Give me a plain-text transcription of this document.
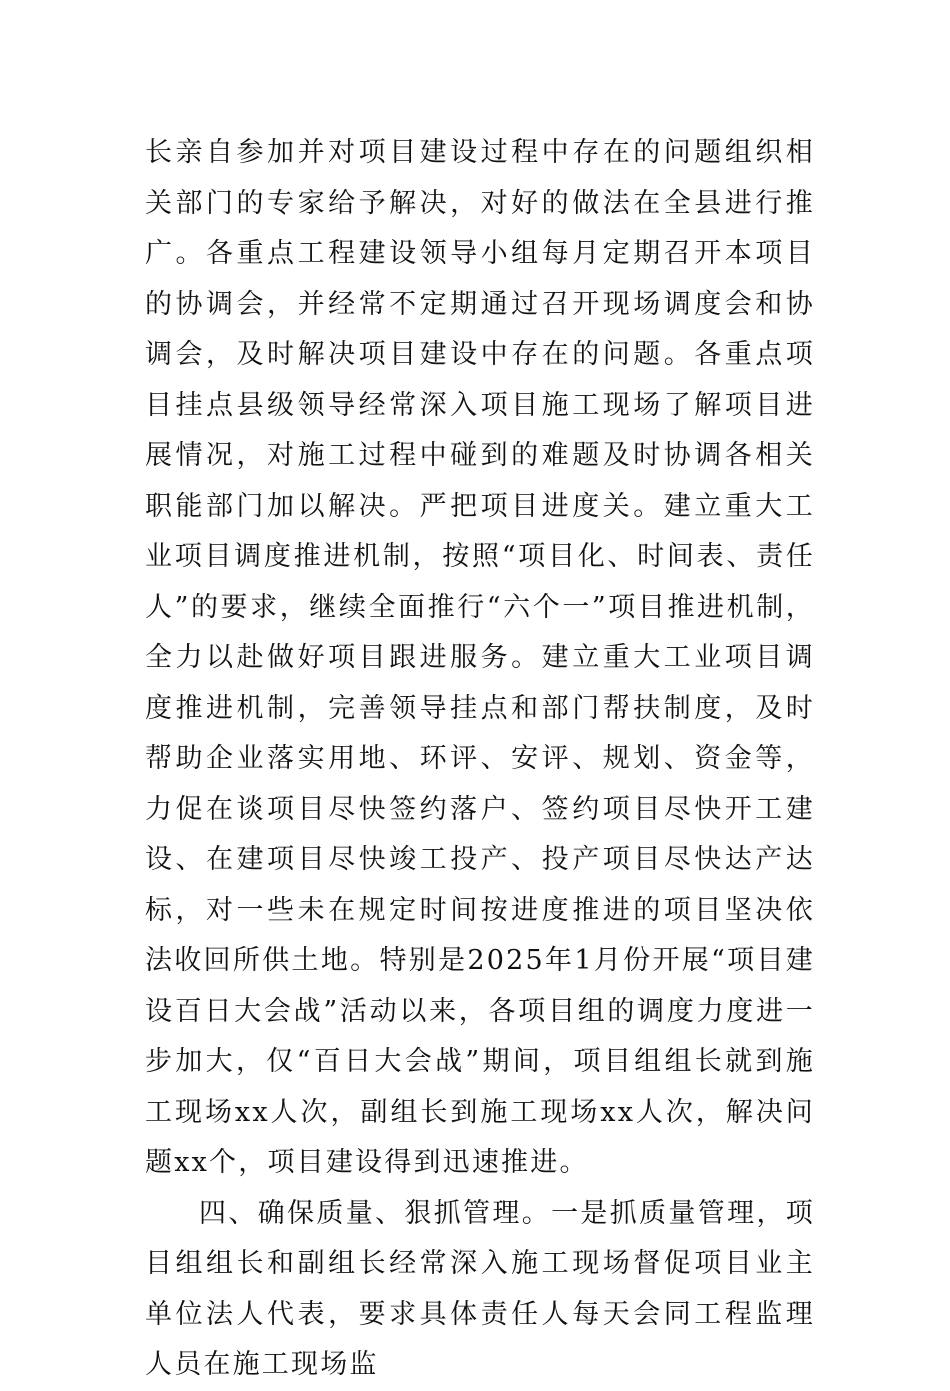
长亲自参加并对项目建设过程中存在的问题组织相关部门的专家给予解决，对好的做法在全县进行推广。各重点工程建设领导小组每月定期召开本项目的协调会，并经常不定期通过召开现场调度会和协调会，及时解决项目建设中存在的问题。各重点项目挂点县级领导经常深入项目施工现场了解项目进展情况，对施工过程中碰到的难题及时协调各相关职能部门加以解决。严把项目进度关。建立重大工业项目调度推进机制，按照“项目化、时间表、责任人”的要求，继续全面推行“六个一”项目推进机制，全力以赴做好项目跟进服务。建立重大工业项目调度推进机制，完善领导挂点和部门帮扶制度，及时帮助企业落实用地、环评、安评、规划、资金等，力促在谈项目尽快签约落户、签约项目尽快开工建设、在建项目尽快竣工投产、投产项目尽快达产达标，对一些未在规定时间按进度推进的项目坚决依法收回所供土地。特别是2025年1月份开展“项目建设百日大会战”活动以来，各项目组的调度力度进一步加大，仅“百日大会战”期间，项目组组长就到施工现场xx人次，副组长到施工现场xx人次，解决问题xx个，项目建设得到迅速推进。

四、确保质量、狠抓管理。一是抓质量管理，项目组组长和副组长经常深入施工现场督促项目业主单位法人代表，要求具体责任人每天会同工程监理人员在施工现场监
